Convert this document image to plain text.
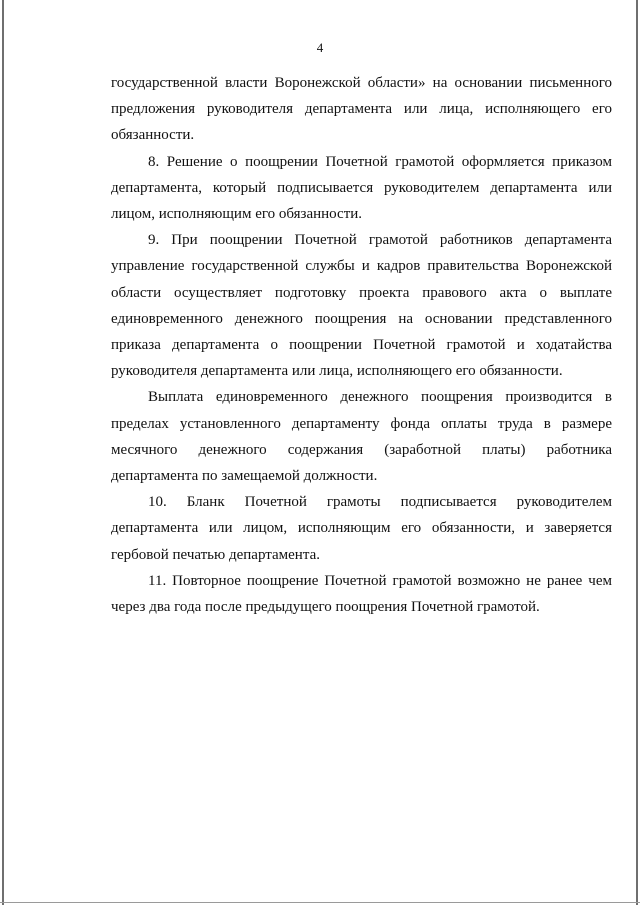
4

государственной власти Воронежской области» на основании письменного предложения руководителя департамента или лица, исполняющего его обязанности.

8. Решение о поощрении Почетной грамотой оформляется приказом департамента, который подписывается руководителем департамента или лицом, исполняющим его обязанности.

9. При поощрении Почетной грамотой работников департамента управление государственной службы и кадров правительства Воронежской области осуществляет подготовку проекта правового акта о выплате единовременного денежного поощрения на основании представленного приказа департамента о поощрении Почетной грамотой и ходатайства руководителя департамента или лица, исполняющего его обязанности.

Выплата единовременного денежного поощрения производится в пределах установленного департаменту фонда оплаты труда в размере месячного денежного содержания (заработной платы) работника департамента по замещаемой должности.

10. Бланк Почетной грамоты подписывается руководителем департамента или лицом, исполняющим его обязанности, и заверяется гербовой печатью департамента.

11. Повторное поощрение Почетной грамотой возможно не ранее чем через два года после предыдущего поощрения Почетной грамотой.
